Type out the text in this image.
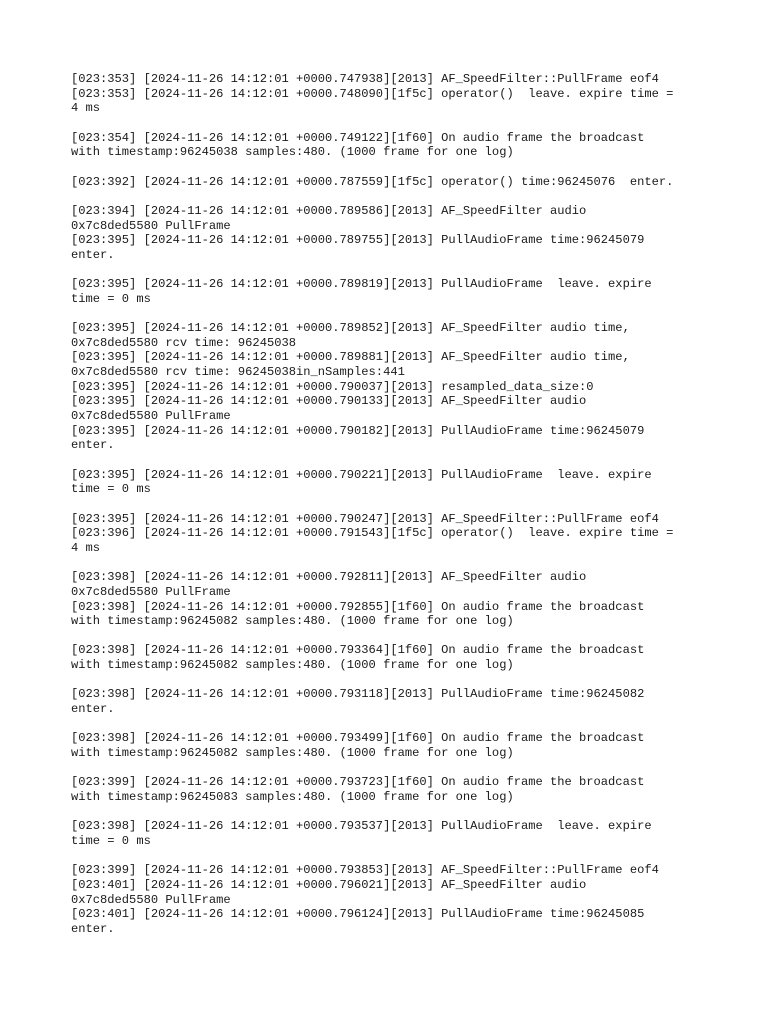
[023:353] [2024-11-26 14:12:01 +0000.747938][2013] AF_SpeedFilter::PullFrame eof4
[023:353] [2024-11-26 14:12:01 +0000.748090][1f5c] operator()  leave. expire time =
4 ms
[023:354] [2024-11-26 14:12:01 +0000.749122][1f60] On audio frame the broadcast
with timestamp:96245038 samples:480. (1000 frame for one log)
[023:392] [2024-11-26 14:12:01 +0000.787559][1f5c] operator() time:96245076  enter.
[023:394] [2024-11-26 14:12:01 +0000.789586][2013] AF_SpeedFilter audio
0x7c8ded5580 PullFrame
[023:395] [2024-11-26 14:12:01 +0000.789755][2013] PullAudioFrame time:96245079
enter.
[023:395] [2024-11-26 14:12:01 +0000.789819][2013] PullAudioFrame  leave. expire
time = 0 ms
[023:395] [2024-11-26 14:12:01 +0000.789852][2013] AF_SpeedFilter audio time,
0x7c8ded5580 rcv time: 96245038
[023:395] [2024-11-26 14:12:01 +0000.789881][2013] AF_SpeedFilter audio time,
0x7c8ded5580 rcv time: 96245038in_nSamples:441
[023:395] [2024-11-26 14:12:01 +0000.790037][2013] resampled_data_size:0
[023:395] [2024-11-26 14:12:01 +0000.790133][2013] AF_SpeedFilter audio
0x7c8ded5580 PullFrame
[023:395] [2024-11-26 14:12:01 +0000.790182][2013] PullAudioFrame time:96245079
enter.
[023:395] [2024-11-26 14:12:01 +0000.790221][2013] PullAudioFrame  leave. expire
time = 0 ms
[023:395] [2024-11-26 14:12:01 +0000.790247][2013] AF_SpeedFilter::PullFrame eof4
[023:396] [2024-11-26 14:12:01 +0000.791543][1f5c] operator()  leave. expire time =
4 ms
[023:398] [2024-11-26 14:12:01 +0000.792811][2013] AF_SpeedFilter audio
0x7c8ded5580 PullFrame
[023:398] [2024-11-26 14:12:01 +0000.792855][1f60] On audio frame the broadcast
with timestamp:96245082 samples:480. (1000 frame for one log)
[023:398] [2024-11-26 14:12:01 +0000.793364][1f60] On audio frame the broadcast
with timestamp:96245082 samples:480. (1000 frame for one log)
[023:398] [2024-11-26 14:12:01 +0000.793118][2013] PullAudioFrame time:96245082
enter.
[023:398] [2024-11-26 14:12:01 +0000.793499][1f60] On audio frame the broadcast
with timestamp:96245082 samples:480. (1000 frame for one log)
[023:399] [2024-11-26 14:12:01 +0000.793723][1f60] On audio frame the broadcast
with timestamp:96245083 samples:480. (1000 frame for one log)
[023:398] [2024-11-26 14:12:01 +0000.793537][2013] PullAudioFrame  leave. expire
time = 0 ms
[023:399] [2024-11-26 14:12:01 +0000.793853][2013] AF_SpeedFilter::PullFrame eof4
[023:401] [2024-11-26 14:12:01 +0000.796021][2013] AF_SpeedFilter audio
0x7c8ded5580 PullFrame
[023:401] [2024-11-26 14:12:01 +0000.796124][2013] PullAudioFrame time:96245085
enter.
